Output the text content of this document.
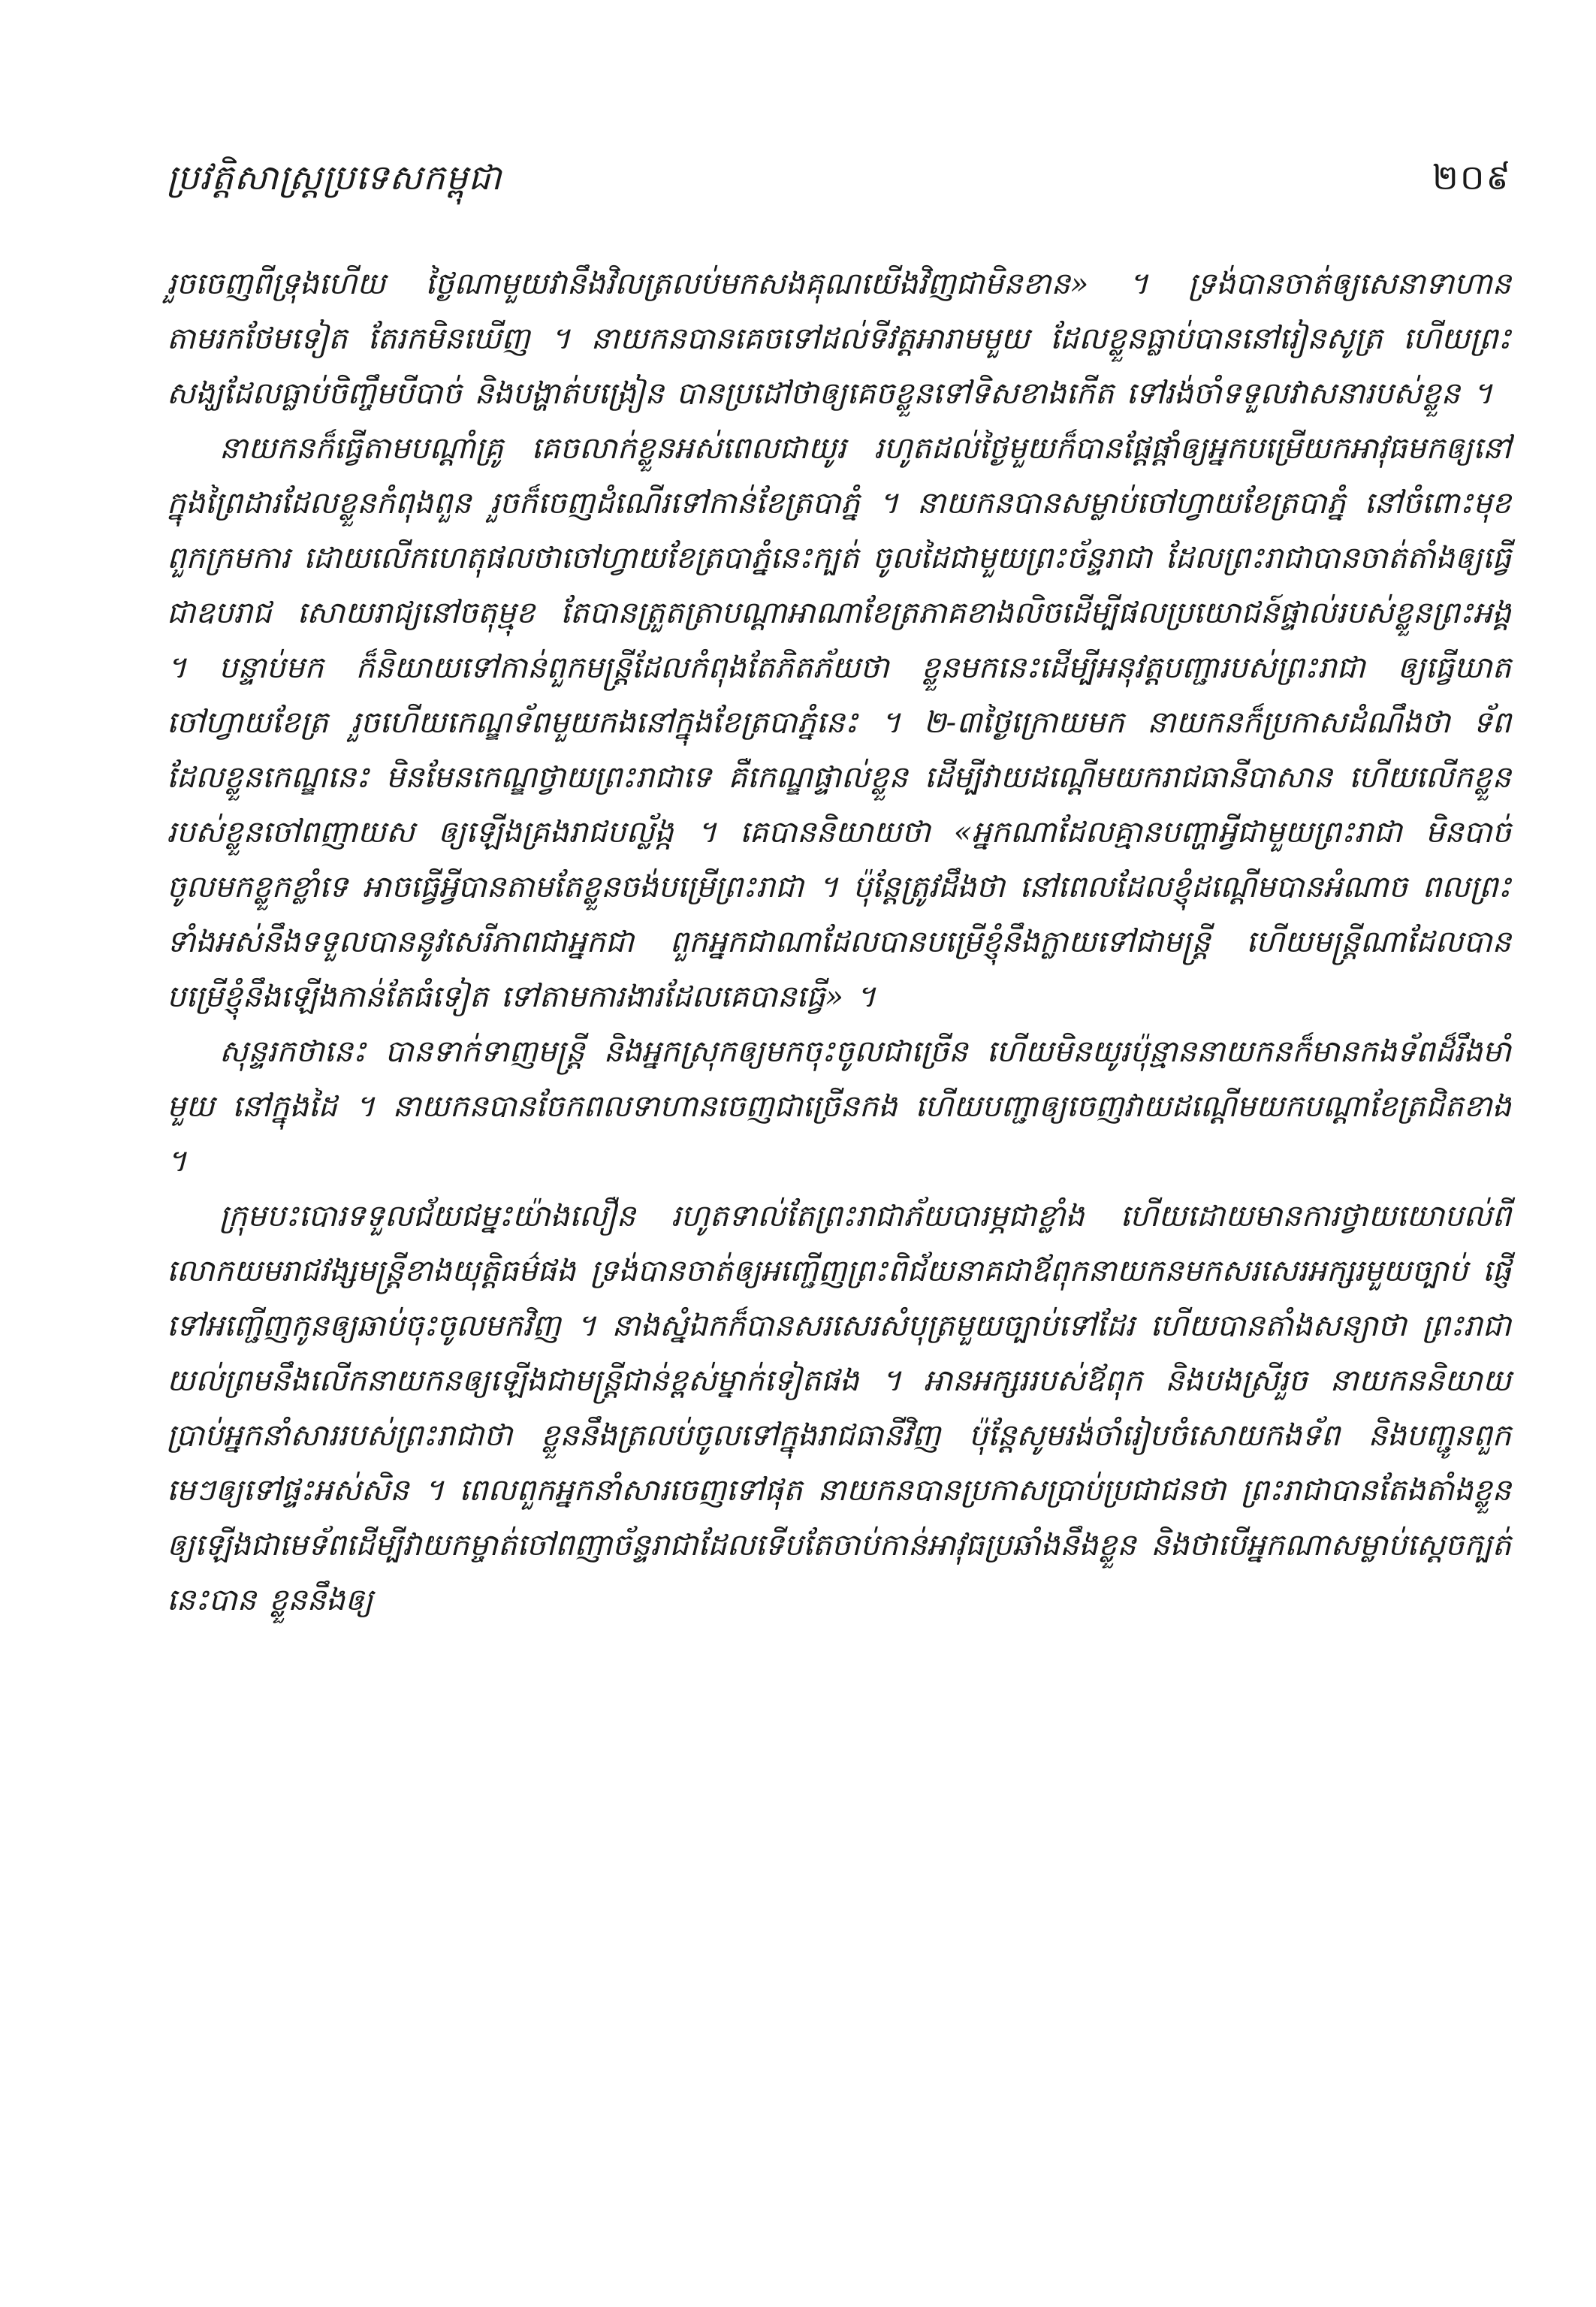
ប្រវត្តិសាស្ត្រប្រទេសកម្ពុជា	២០៩

រួចចេញពីទ្រុងហើយ ថ្ងៃណាមួយវានឹងវិលត្រលប់មកសងគុណយើងវិញជាមិនខាន» ។ ទ្រង់បានចាត់ឲ្យសេនាទាហានតាមរកថែមទៀត តែរកមិនឃើញ ។ នាយកនបានគេចទៅដល់ទីវត្តអារាមមួយ ដែលខ្លួនធ្លាប់បាននៅរៀនសូត្រ ហើយព្រះសង្ឃដែលធ្លាប់ចិញ្ចឹមបីបាច់ និងបង្ហាត់បង្រៀន បានប្រដៅថាឲ្យគេចខ្លួនទៅទិសខាងកើត ទៅរង់ចាំទទួលវាសនារបស់ខ្លួន ។

នាយកនក៏ធ្វើតាមបណ្តាំគ្រូ គេចលាក់ខ្លួនអស់ពេលជាយូរ រហូតដល់ថ្ងៃមួយក៏បានផ្តែផ្តាំឲ្យអ្នកបម្រើយកអាវុធមកឲ្យនៅក្នុងព្រៃដារដែលខ្លួនកំពុងពួន រួចក៏ចេញដំណើរទៅកាន់ខែត្របាភ្នំ ។ នាយកនបានសម្លាប់ចៅហ្វាយខែត្របាភ្នំ នៅចំពោះមុខពួកក្រមការ ដោយលើកហេតុផលថាចៅហ្វាយខែត្របាភ្នំនេះក្បត់ ចូលដៃជាមួយព្រះច័ន្ទរាជា ដែលព្រះរាជាបានចាត់តាំងឲ្យធ្វើជាឧបរាជ សោយរាជ្យនៅចតុម្មុខ តែបានត្រួតត្រាបណ្តាអាណាខែត្រភាគខាងលិចដើម្បីផលប្រយោជន៍ផ្ទាល់របស់ខ្លួនព្រះអង្គ ។ បន្ទាប់មក ក៏និយាយទៅកាន់ពួកមន្ត្រីដែលកំពុងតែភិតភ័យថា ខ្លួនមកនេះដើម្បីអនុវត្តបញ្ជារបស់ព្រះរាជា ឲ្យធ្វើឃាតចៅហ្វាយខែត្រ រួចហើយកេណ្ឌទ័ពមួយកងនៅក្នុងខែត្របាភ្នំនេះ ។ ២-៣ថ្ងៃក្រោយមក នាយកនក៏ប្រកាសដំណឹងថា ទ័ពដែលខ្លួនកេណ្ឌនេះ មិនមែនកេណ្ឌថ្វាយព្រះរាជាទេ គឺកេណ្ឌផ្ទាល់ខ្លួន ដើម្បីវាយដណ្តើមយករាជធានីបាសាន ហើយលើកខ្លួនរបស់ខ្លួនចៅពញាយស ឲ្យឡើងគ្រងរាជបល្ល័ង្ក ។ គេបាននិយាយថា «អ្នកណាដែលគ្មានបញ្ហាអ្វីជាមួយព្រះរាជា មិនបាច់ចូលមកខ្លួកខ្លាំទេ អាចធ្វើអ្វីបានតាមតែខ្លួនចង់បម្រើព្រះរាជា ។ ប៉ុន្តែត្រូវដឹងថា នៅពេលដែលខ្ញុំដណ្តើមបានអំណាច ពលព្រះ ទាំងអស់នឹងទទួលបាននូវសេរីភាពជាអ្នកជា ពួកអ្នកជាណាដែលបានបម្រើខ្ញុំនឹងក្លាយទៅជាមន្ត្រី ហើយមន្ត្រីណាដែលបានបម្រើខ្ញុំនឹងឡើងកាន់តែធំទៀត ទៅតាមការងារដែលគេបានធ្វើ» ។

សុន្ទរកថានេះ បានទាក់ទាញមន្ត្រី និងអ្នកស្រុកឲ្យមកចុះចូលជាច្រើន ហើយមិនយូរប៉ុន្មាននាយកនក៏មានកងទ័ពដ៏រឹងមាំមួយ នៅក្នុងដៃ ។ នាយកនបានចែកពលទាហានចេញជាច្រើនកង ហើយបញ្ជាឲ្យចេញវាយដណ្តើមយកបណ្តាខែត្រជិតខាង ។

ក្រុមបះបោរទទួលជ័យជម្នះយ៉ាងលឿន រហូតទាល់តែព្រះរាជាភ័យបារម្ភជាខ្លាំង ហើយដោយមានការថ្វាយយោបល់ពីលោកយមរាជវង្សមន្ត្រីខាងយុត្តិធម៌ផង ទ្រង់បានចាត់ឲ្យអញ្ជើញព្រះពិជ័យនាគជាឪពុកនាយកនមកសរសេរអក្សរមួយច្បាប់ ផ្ញើទៅអញ្ជើញកូនឲ្យឆាប់ចុះចូលមកវិញ ។ នាងស្នំឯកក៏បានសរសេរសំបុត្រមួយច្បាប់ទៅដែរ ហើយបានតាំងសន្យាថា ព្រះរាជាយល់ព្រមនឹងលើកនាយកនឲ្យឡើងជាមន្ត្រីជាន់ខ្ពស់ម្នាក់ទៀតផង ។ អានអក្សររបស់ឪពុក និងបងស្រីរួច នាយកននិយាយប្រាប់អ្នកនាំសាររបស់ព្រះរាជាថា ខ្លួននឹងត្រលប់ចូលទៅក្នុងរាជធានីវិញ ប៉ុន្តែសូមរង់ចាំរៀបចំសោយកងទ័ព និងបញ្ជូនពួកមេៗឲ្យទៅផ្ទះអស់សិន ។ ពេលពួកអ្នកនាំសារចេញទៅផុត នាយកនបានប្រកាសប្រាប់ប្រជាជនថា ព្រះរាជាបានតែងតាំងខ្លួនឲ្យឡើងជាមេទ័ពដើម្បីវាយកម្ចាត់ចៅពញាច័ន្ទរាជាដែលទើបតែចាប់កាន់អាវុធប្រឆាំងនឹងខ្លួន និងថាបើអ្នកណាសម្លាប់ស្តេចក្បត់នេះបាន ខ្លួននឹងឲ្យ
